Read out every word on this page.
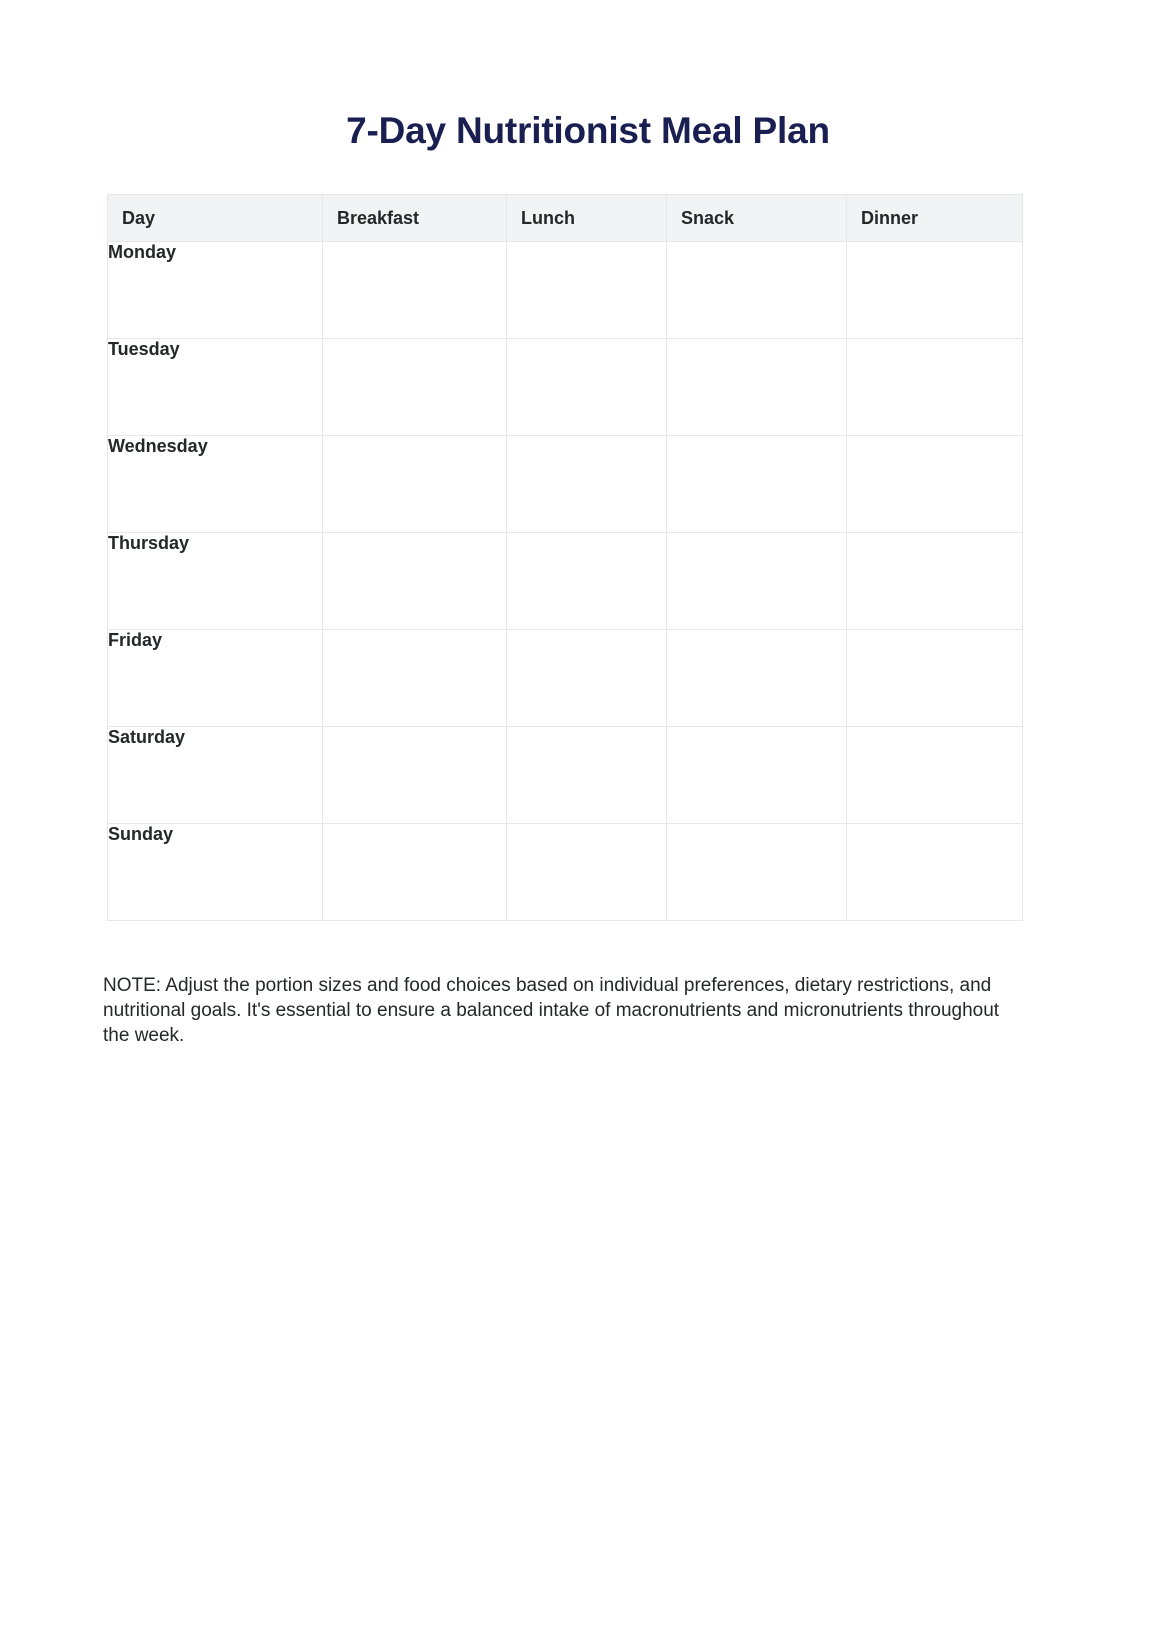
7-Day Nutritionist Meal Plan
Day	Breakfast	Lunch	Snack	Dinner
Monday				
Tuesday				
Wednesday				
Thursday				
Friday				
Saturday				
Sunday				

NOTE: Adjust the portion sizes and food choices based on individual preferences, dietary restrictions, and nutritional goals. It's essential to ensure a balanced intake of macronutrients and micronutrients throughout the week.
